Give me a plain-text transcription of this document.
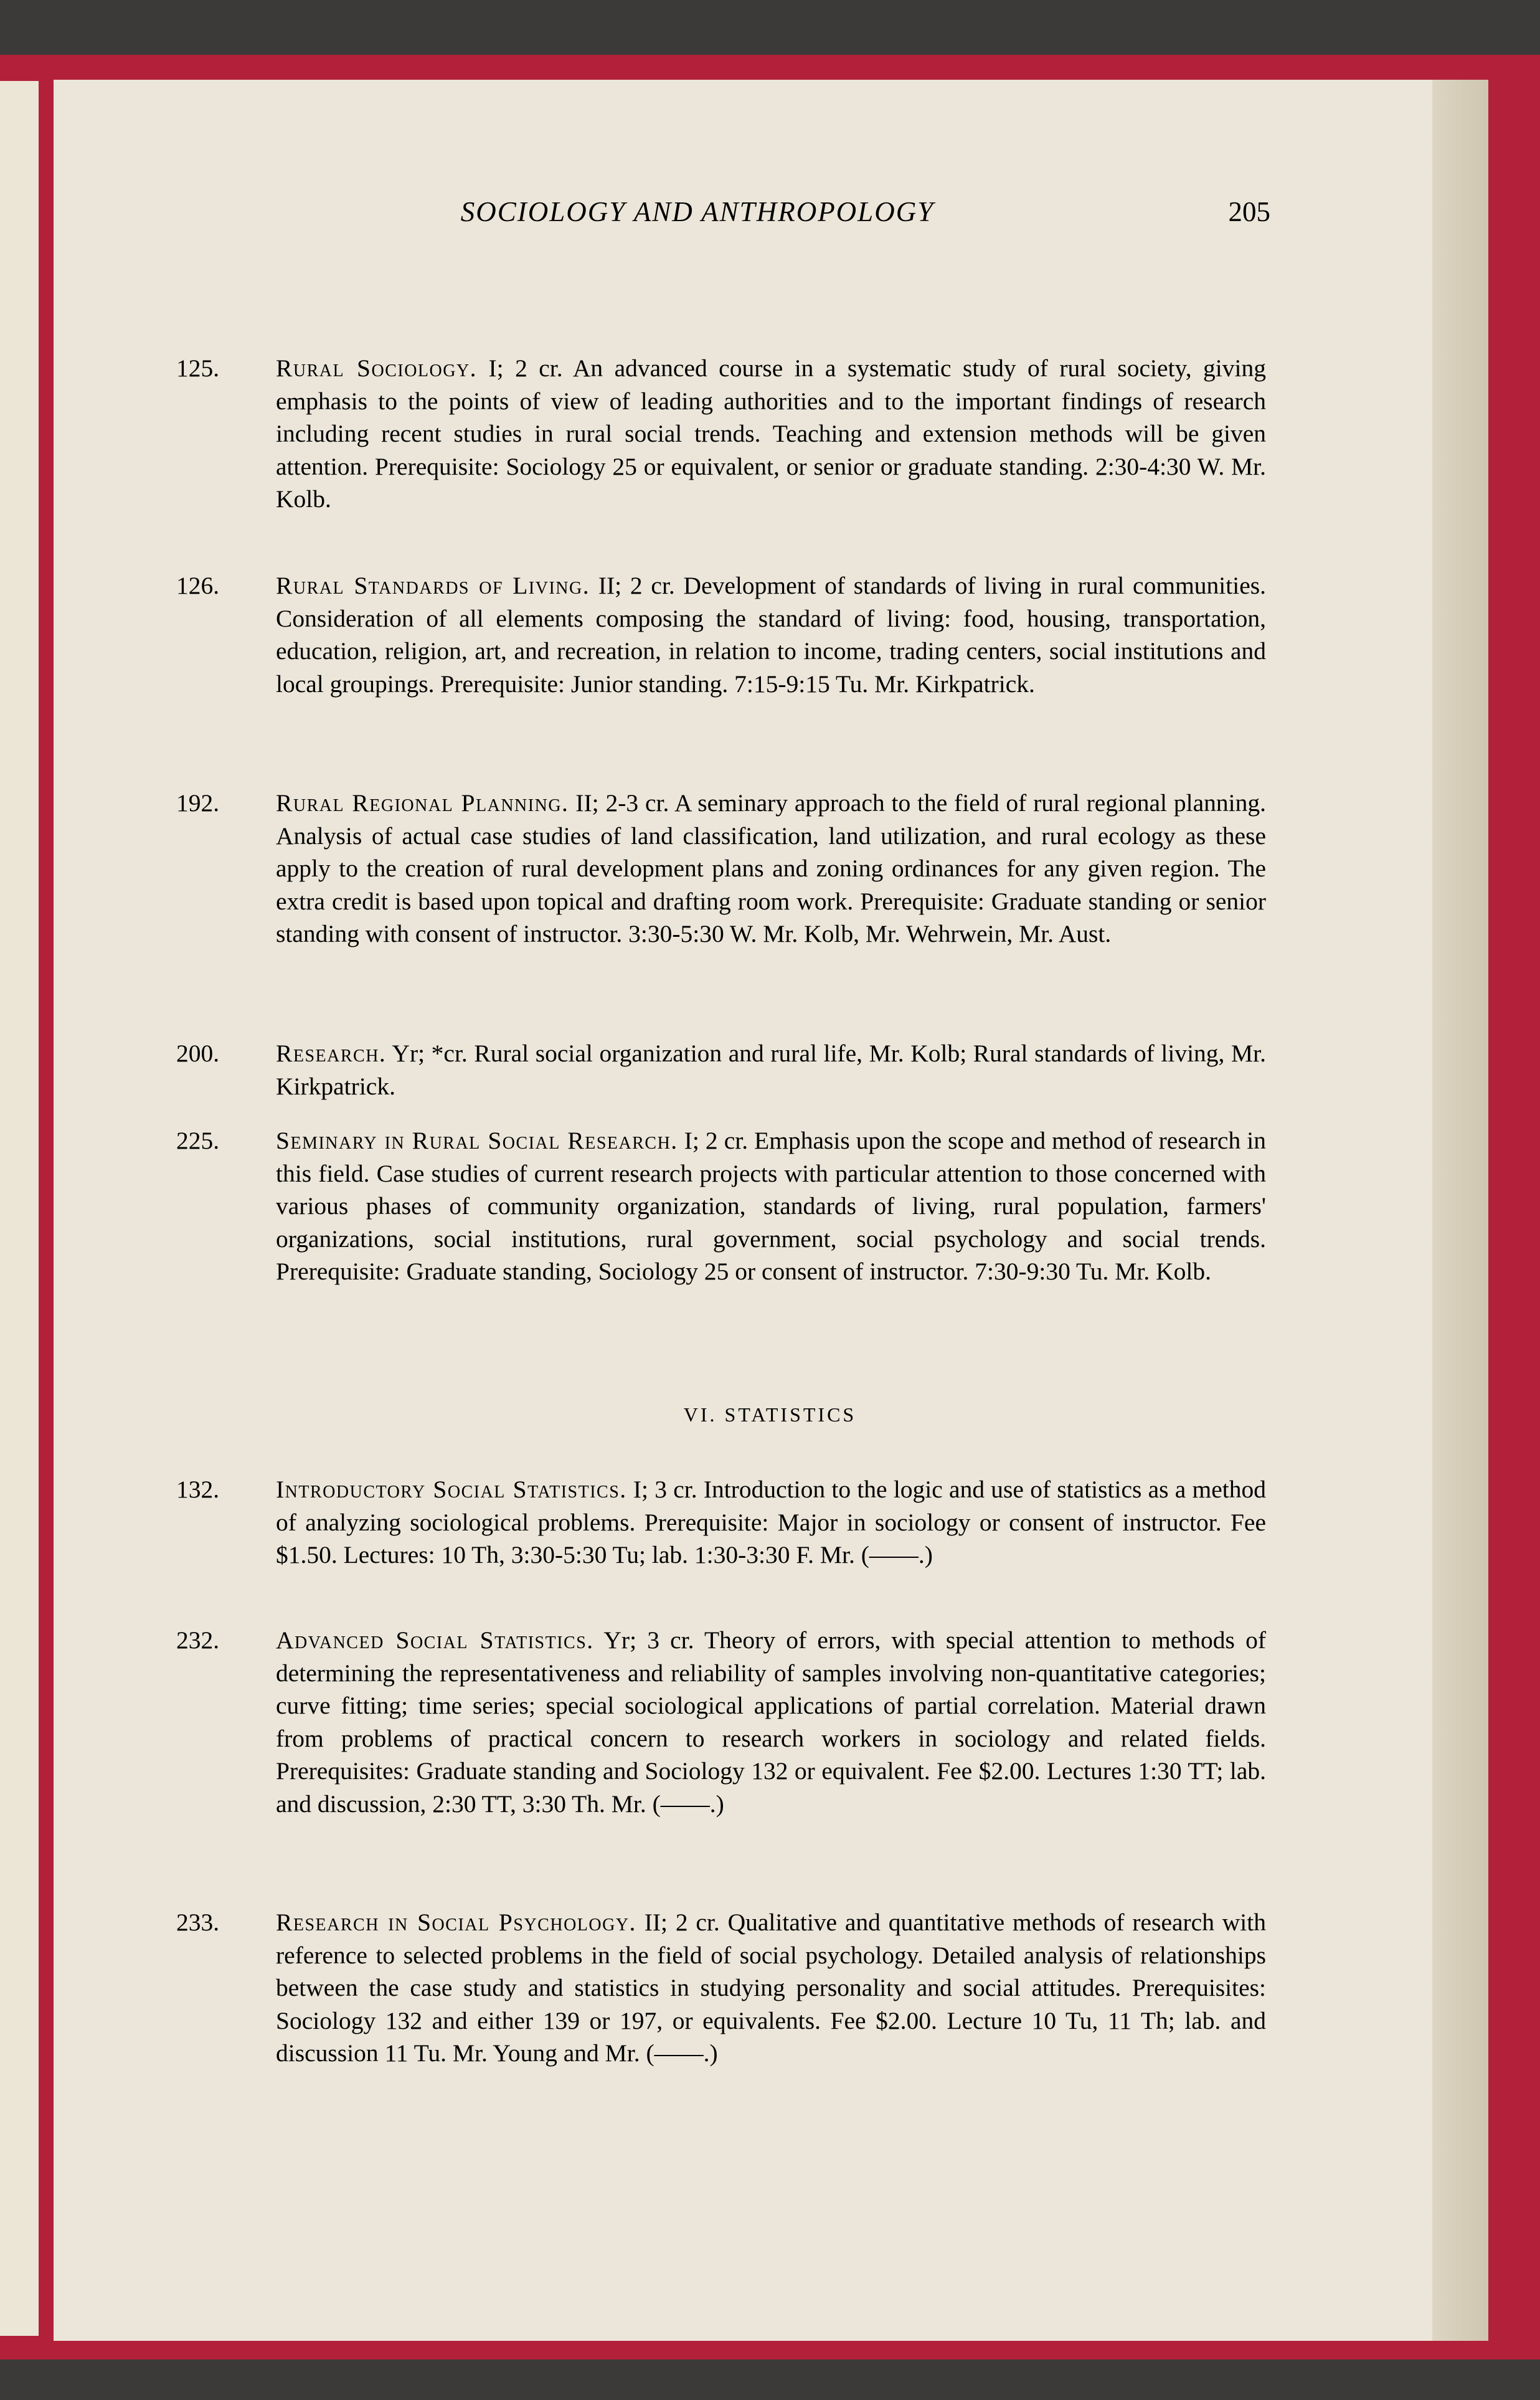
SOCIOLOGY AND ANTHROPOLOGY	205
125. Rural Sociology. I; 2 cr. An advanced course in a systematic study of rural society, giving emphasis to the points of view of leading authorities and to the important findings of research including recent studies in rural social trends. Teaching and extension methods will be given attention. Prerequisite: Sociology 25 or equivalent, or senior or graduate standing. 2:30-4:30 W. Mr. Kolb.
126. Rural Standards of Living. II; 2 cr. Development of standards of living in rural communities. Consideration of all elements composing the standard of living: food, housing, transportation, education, religion, art, and recreation, in relation to income, trading centers, social institutions and local groupings. Prerequisite: Junior standing. 7:15-9:15 Tu. Mr. Kirkpatrick.
192. Rural Regional Planning. II; 2-3 cr. A seminary approach to the field of rural regional planning. Analysis of actual case studies of land classification, land utilization, and rural ecology as these apply to the creation of rural development plans and zoning ordinances for any given region. The extra credit is based upon topical and drafting room work. Prerequisite: Graduate standing or senior standing with consent of instructor. 3:30-5:30 W. Mr. Kolb, Mr. Wehrwein, Mr. Aust.
200. Research. Yr; *cr. Rural social organization and rural life, Mr. Kolb; Rural standards of living, Mr. Kirkpatrick.
225. Seminary in Rural Social Research. I; 2 cr. Emphasis upon the scope and method of research in this field. Case studies of current research projects with particular attention to those concerned with various phases of community organization, standards of living, rural population, farmers' organizations, social institutions, rural government, social psychology and social trends. Prerequisite: Graduate standing, Sociology 25 or consent of instructor. 7:30-9:30 Tu. Mr. Kolb.
VI. STATISTICS
132. Introductory Social Statistics. I; 3 cr. Introduction to the logic and use of statistics as a method of analyzing sociological problems. Prerequisite: Major in sociology or consent of instructor. Fee $1.50. Lectures: 10 Th, 3:30-5:30 Tu; lab. 1:30-3:30 F. Mr. (——.)
232. Advanced Social Statistics. Yr; 3 cr. Theory of errors, with special attention to methods of determining the representativeness and reliability of samples involving non-quantitative categories; curve fitting; time series; special sociological applications of partial correlation. Material drawn from problems of practical concern to research workers in sociology and related fields. Prerequisites: Graduate standing and Sociology 132 or equivalent. Fee $2.00. Lectures 1:30 TT; lab. and discussion, 2:30 TT, 3:30 Th. Mr. (——.)
233. Research in Social Psychology. II; 2 cr. Qualitative and quantitative methods of research with reference to selected problems in the field of social psychology. Detailed analysis of relationships between the case study and statistics in studying personality and social attitudes. Prerequisites: Sociology 132 and either 139 or 197, or equivalents. Fee $2.00. Lecture 10 Tu, 11 Th; lab. and discussion 11 Tu. Mr. Young and Mr. (——.)
